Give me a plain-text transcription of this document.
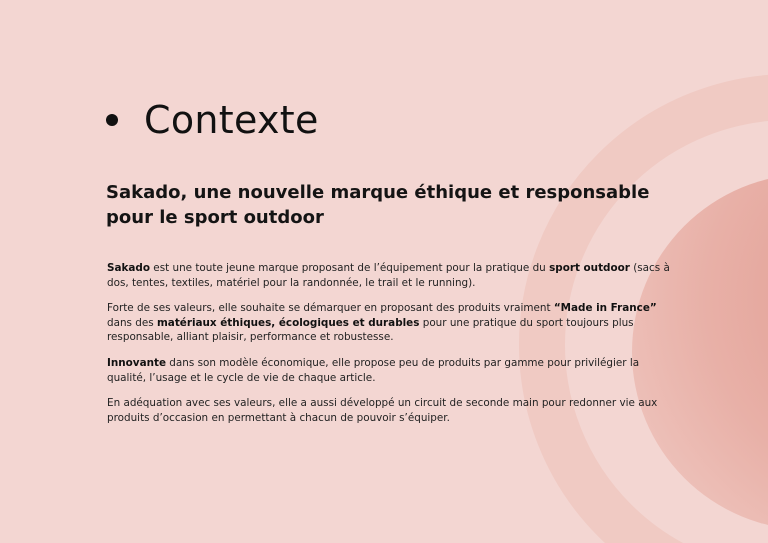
Contexte
Sakado, une nouvelle marque éthique et responsable pour le sport outdoor

Sakado est une toute jeune marque proposant de l’équipement pour la pratique du sport outdoor (sacs à dos, tentes, textiles, matériel pour la randonnée, le trail et le running).

Forte de ses valeurs, elle souhaite se démarquer en proposant des produits vraiment “Made in France” dans des matériaux éthiques, écologiques et durables pour une pratique du sport toujours plus responsable, alliant plaisir, performance et robustesse.

Innovante dans son modèle économique, elle propose peu de produits par gamme pour privilégier la qualité, l’usage et le cycle de vie de chaque article.

En adéquation avec ses valeurs, elle a aussi développé un circuit de seconde main pour redonner vie aux produits d’occasion en permettant à chacun de pouvoir s’équiper.
